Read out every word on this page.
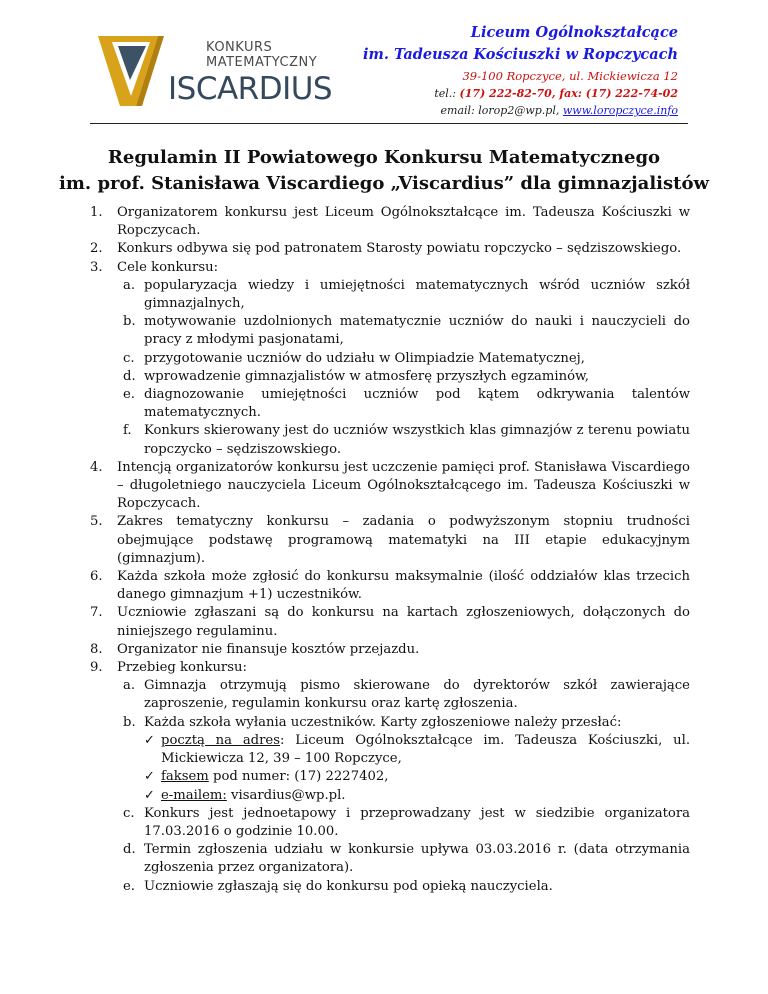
KONKURS
MATEMATYCZNY
ISCARDIUS
Liceum Ogólnokształcące
im. Tadeusza Kościuszki w Ropczycach
39-100 Ropczyce, ul. Mickiewicza 12
tel.: (17) 222-82-70, fax: (17) 222-74-02
email: lorop2@wp.pl, www.loropczyce.info
Regulamin II Powiatowego Konkursu Matematycznego
im. prof. Stanisława Viscardiego „Viscardius” dla gimnazjalistów
1. Organizatorem konkursu jest Liceum Ogólnokształcące im. Tadeusza Kościuszki w Ropczycach.
2. Konkurs odbywa się pod patronatem Starosty powiatu ropczycko – sędziszowskiego.
3. Cele konkursu:
a. popularyzacja wiedzy i umiejętności matematycznych wśród uczniów szkół gimnazjalnych,
b. motywowanie uzdolnionych matematycznie uczniów do nauki i nauczycieli do pracy z młodymi pasjonatami,
c. przygotowanie uczniów do udziału w Olimpiadzie Matematycznej,
d. wprowadzenie gimnazjalistów w atmosferę przyszłych egzaminów,
e. diagnozowanie umiejętności uczniów pod kątem odkrywania talentów matematycznych.
f. Konkurs skierowany jest do uczniów wszystkich klas gimnazjów z terenu powiatu ropczycko – sędziszowskiego.
4. Intencją organizatorów konkursu jest uczczenie pamięci prof. Stanisława Viscardiego – długoletniego nauczyciela Liceum Ogólnokształcącego im. Tadeusza Kościuszki w Ropczycach.
5. Zakres tematyczny konkursu – zadania o podwyższonym stopniu trudności obejmujące podstawę programową matematyki na III etapie edukacyjnym (gimnazjum).
6. Każda szkoła może zgłosić do konkursu maksymalnie (ilość oddziałów klas trzecich danego gimnazjum +1) uczestników.
7. Uczniowie zgłaszani są do konkursu na kartach zgłoszeniowych, dołączonych do niniejszego regulaminu.
8. Organizator nie finansuje kosztów przejazdu.
9. Przebieg konkursu:
a. Gimnazja otrzymują pismo skierowane do dyrektorów szkół zawierające zaproszenie, regulamin konkursu oraz kartę zgłoszenia.
b. Każda szkoła wyłania uczestników. Karty zgłoszeniowe należy przesłać:
✓ pocztą na adres: Liceum Ogólnokształcące im. Tadeusza Kościuszki, ul. Mickiewicza 12, 39 – 100 Ropczyce,
✓ faksem pod numer: (17) 2227402,
✓ e-mailem: visardius@wp.pl.
c. Konkurs jest jednoetapowy i przeprowadzany jest w siedzibie organizatora 17.03.2016 o godzinie 10.00.
d. Termin zgłoszenia udziału w konkursie upływa 03.03.2016 r. (data otrzymania zgłoszenia przez organizatora).
e. Uczniowie zgłaszają się do konkursu pod opieką nauczyciela.
